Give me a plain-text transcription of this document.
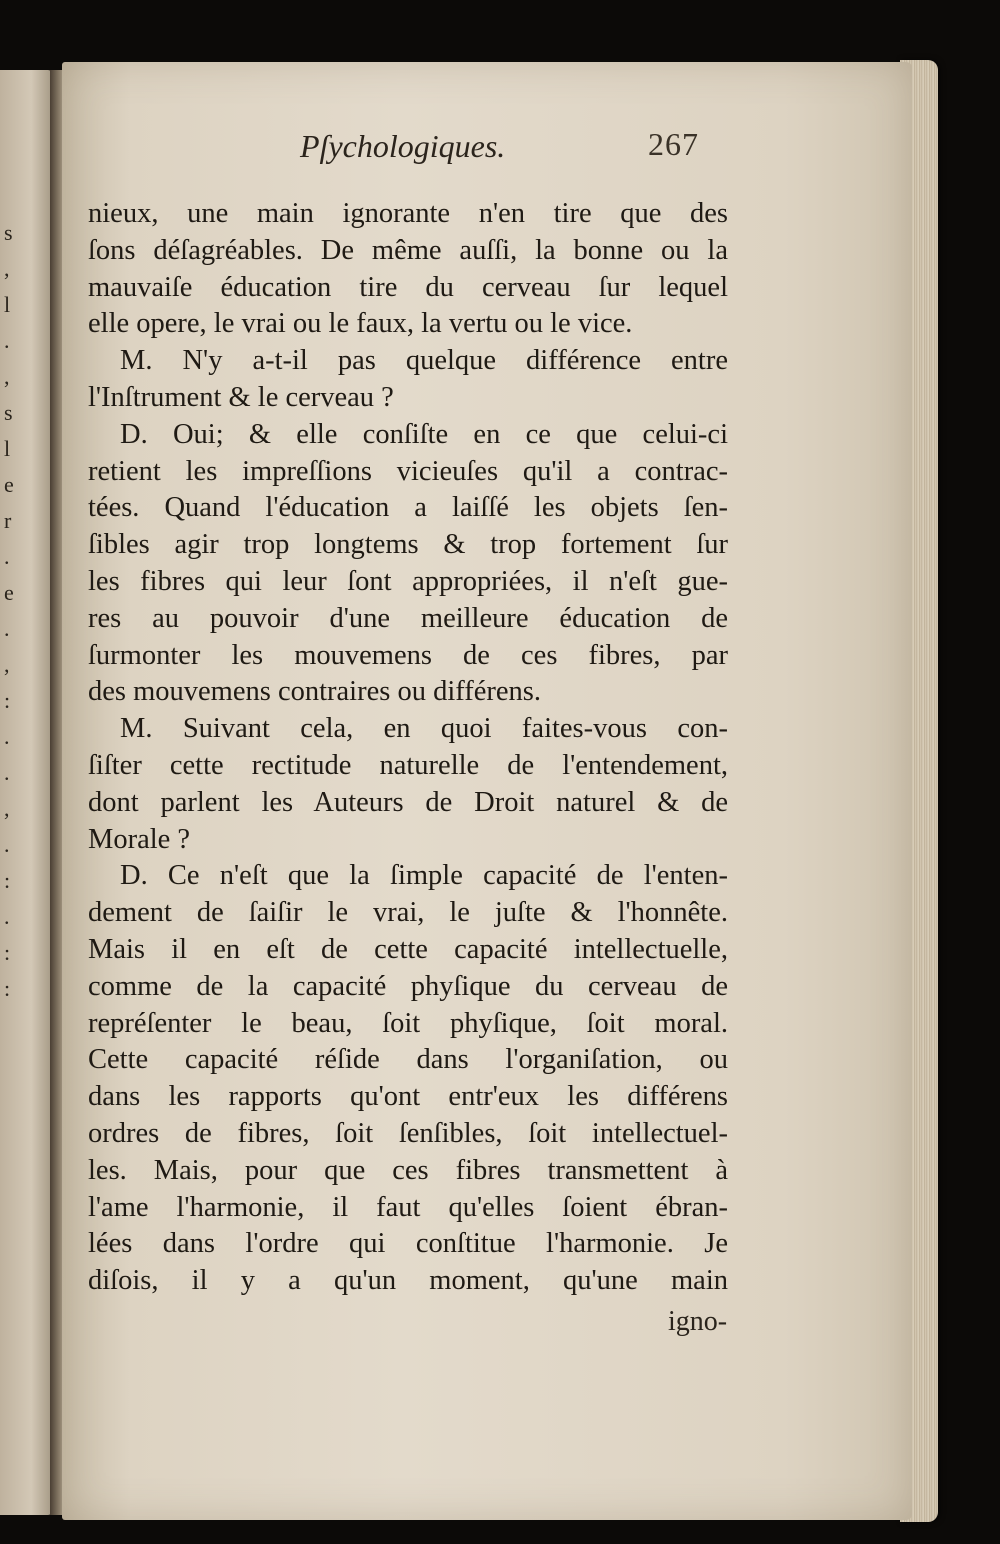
s
,
l
.
,
s
l
e
r
.
e
.
,
:
.
.
,
.
:
.
:
:
Pſychologiques.	267
nieux, une main ignorante n'en tire que des
ſons déſagréables. De même auſſi, la bonne ou la
mauvaiſe éducation tire du cerveau ſur lequel
elle opere, le vrai ou le faux, la vertu ou le vice.
M. N'y a-t-il pas quelque différence entre
l'Inſtrument & le cerveau ?
D. Oui; & elle conſiſte en ce que celui-ci
retient les impreſſions vicieuſes qu'il a contrac-
tées. Quand l'éducation a laiſſé les objets ſen-
ſibles agir trop longtems & trop fortement ſur
les fibres qui leur ſont appropriées, il n'eſt gue-
res au pouvoir d'une meilleure éducation de
ſurmonter les mouvemens de ces fibres, par
des mouvemens contraires ou différens.
M. Suivant cela, en quoi faites-vous con-
ſiſter cette rectitude naturelle de l'entendement,
dont parlent les Auteurs de Droit naturel & de
Morale ?
D. Ce n'eſt que la ſimple capacité de l'enten-
dement de ſaiſir le vrai, le juſte & l'honnête.
Mais il en eſt de cette capacité intellectuelle,
comme de la capacité phyſique du cerveau de
repréſenter le beau, ſoit phyſique, ſoit moral.
Cette capacité réſide dans l'organiſation, ou
dans les rapports qu'ont entr'eux les différens
ordres de fibres, ſoit ſenſibles, ſoit intellectuel-
les. Mais, pour que ces fibres transmettent à
l'ame l'harmonie, il faut qu'elles ſoient ébran-
lées dans l'ordre qui conſtitue l'harmonie. Je
diſois, il y a qu'un moment, qu'une main
igno-
